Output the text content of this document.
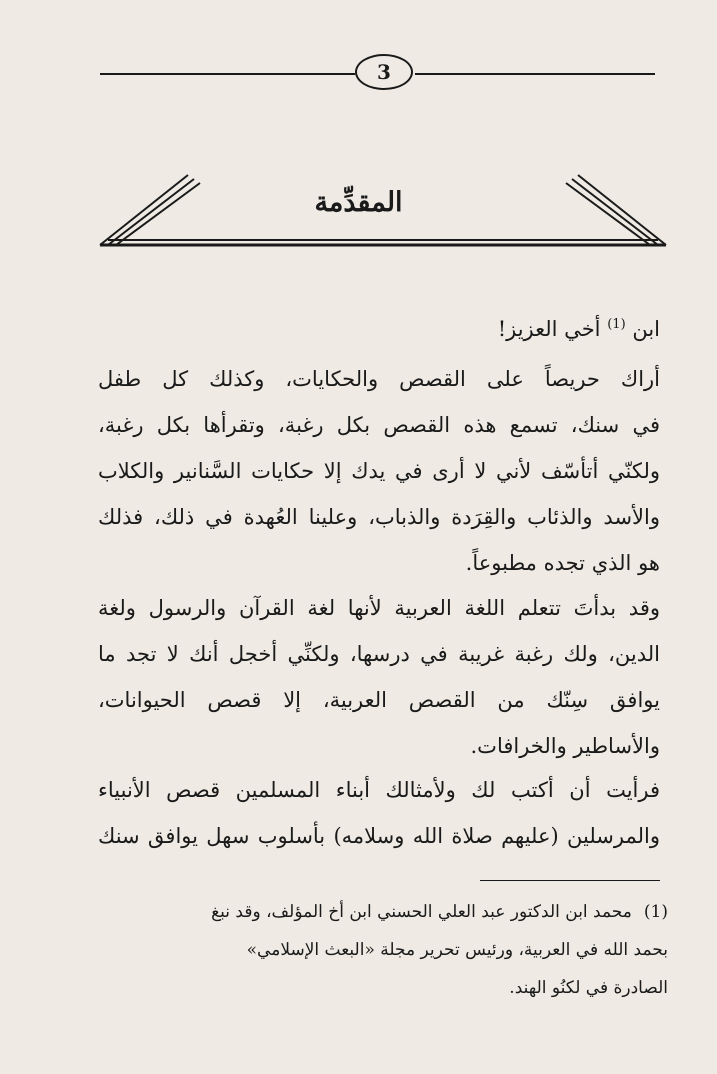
3
المقدِّمة
ابن $^{(1)}$ أخي العزيز!
أراك حريصاً على القصص والحكايات، وكذلك كل طفل
في سنك، تسمع هذه القصص بكل رغبة، وتقرأها بكل رغبة،
ولكنّي أتأسّف لأني لا أرى في يدك إلا حكايات السَّنانير والكلاب
والأسد والذئاب والقِرَدة والذباب، وعلينا العُهدة في ذلك، فذلك
هو الذي تجده مطبوعاً.
وقد بدأتَ تتعلم اللغة العربية لأنها لغة القرآن والرسول ولغة
الدين، ولك رغبة غريبة في درسها، ولكنِّي أخجل أنك لا تجد ما
يوافق سِنّك من القصص العربية، إلا قصص الحيوانات،
والأساطير والخرافات.
فرأيت أن أكتب لك ولأمثالك أبناء المسلمين قصص الأنبياء
والمرسلين (عليهم صلاة الله وسلامه) بأسلوب سهل يوافق سنك
(1)محمد ابن الدكتور عبد العلي الحسني ابن أخ المؤلف، وقد نبغ
بحمد الله في العربية، ورئيس تحرير مجلة «البعث الإسلامي»
الصادرة في لكنُو الهند.
